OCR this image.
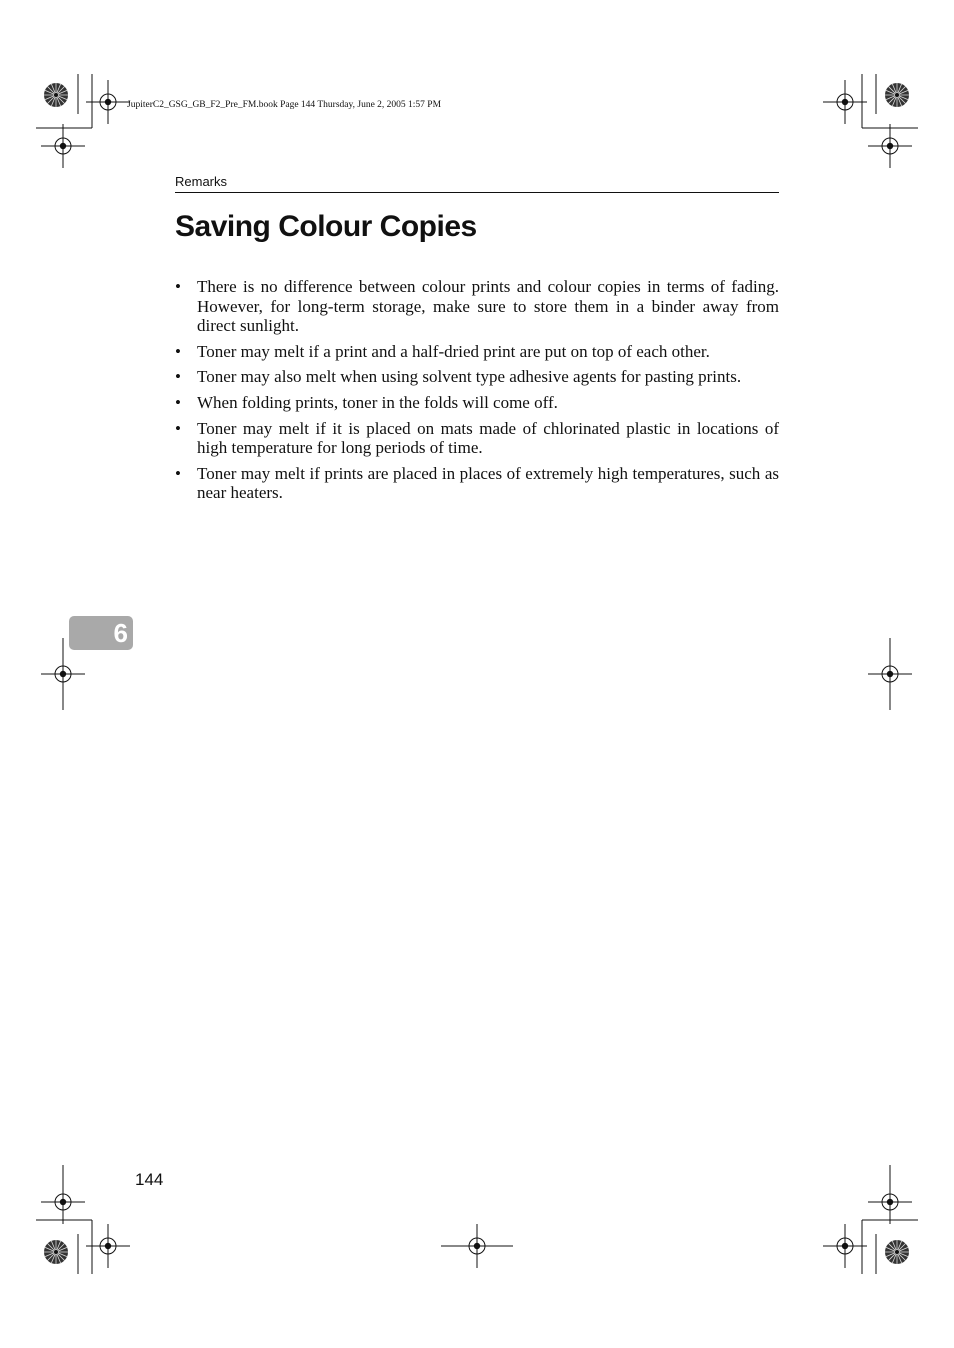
JupiterC2_GSG_GB_F2_Pre_FM.book Page 144 Thursday, June 2, 2005 1:57 PM
Remarks
Saving Colour Copies
• There is no difference between colour prints and colour copies in terms of fading. However, for long-term storage, make sure to store them in a binder away from direct sunlight.
• Toner may melt if a print and a half-dried print are put on top of each other.
• Toner may also melt when using solvent type adhesive agents for pasting prints.
• When folding prints, toner in the folds will come off.
• Toner may melt if it is placed on mats made of chlorinated plastic in locations of high temperature for long periods of time.
• Toner may melt if prints are placed in places of extremely high temperatures, such as near heaters.
6
144
